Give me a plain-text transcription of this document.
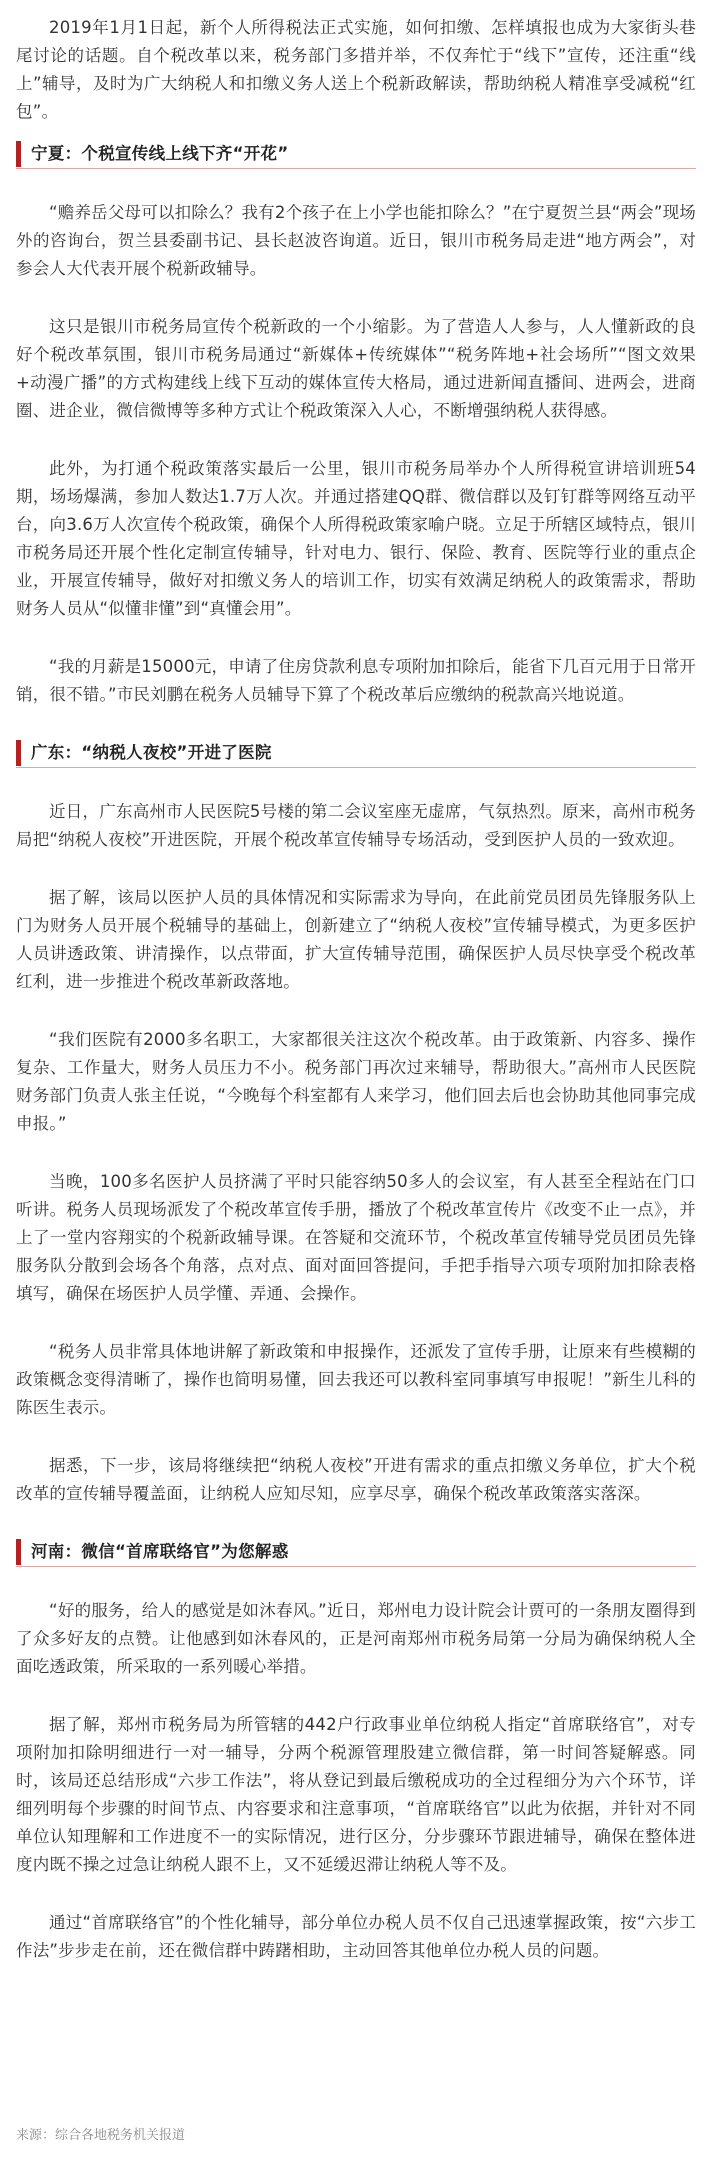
2019年1月1日起，新个人所得税法正式实施，如何扣缴、怎样填报也成为大家街头巷尾讨论的话题。自个税改革以来，税务部门多措并举，不仅奔忙于“线下”宣传，还注重“线上”辅导，及时为广大纳税人和扣缴义务人送上个税新政解读，帮助纳税人精准享受减税“红包”。

宁夏：个税宣传线上线下齐“开花”

“赡养岳父母可以扣除么？我有2个孩子在上小学也能扣除么？”在宁夏贺兰县“两会”现场外的咨询台，贺兰县委副书记、县长赵波咨询道。近日，银川市税务局走进“地方两会”，对参会人大代表开展个税新政辅导。

这只是银川市税务局宣传个税新政的一个小缩影。为了营造人人参与，人人懂新政的良好个税改革氛围，银川市税务局通过“新媒体+传统媒体”“税务阵地+社会场所”“图文效果+动漫广播”的方式构建线上线下互动的媒体宣传大格局，通过进新闻直播间、进两会，进商圈、进企业，微信微博等多种方式让个税政策深入人心，不断增强纳税人获得感。

此外，为打通个税政策落实最后一公里，银川市税务局举办个人所得税宣讲培训班54期，场场爆满，参加人数达1.7万人次。并通过搭建QQ群、微信群以及钉钉群等网络互动平台，向3.6万人次宣传个税政策，确保个人所得税政策家喻户晓。立足于所辖区域特点，银川市税务局还开展个性化定制宣传辅导，针对电力、银行、保险、教育、医院等行业的重点企业，开展宣传辅导，做好对扣缴义务人的培训工作，切实有效满足纳税人的政策需求，帮助财务人员从“似懂非懂”到“真懂会用”。

“我的月薪是15000元，申请了住房贷款利息专项附加扣除后，能省下几百元用于日常开销，很不错。”市民刘鹏在税务人员辅导下算了个税改革后应缴纳的税款高兴地说道。

广东：“纳税人夜校”开进了医院

近日，广东高州市人民医院5号楼的第二会议室座无虚席，气氛热烈。原来，高州市税务局把“纳税人夜校”开进医院，开展个税改革宣传辅导专场活动，受到医护人员的一致欢迎。

据了解，该局以医护人员的具体情况和实际需求为导向，在此前党员团员先锋服务队上门为财务人员开展个税辅导的基础上，创新建立了“纳税人夜校”宣传辅导模式，为更多医护人员讲透政策、讲清操作，以点带面，扩大宣传辅导范围，确保医护人员尽快享受个税改革红利，进一步推进个税改革新政落地。

“我们医院有2000多名职工，大家都很关注这次个税改革。由于政策新、内容多、操作复杂、工作量大，财务人员压力不小。税务部门再次过来辅导，帮助很大。”高州市人民医院财务部门负责人张主任说，“今晚每个科室都有人来学习，他们回去后也会协助其他同事完成申报。”

当晚，100多名医护人员挤满了平时只能容纳50多人的会议室，有人甚至全程站在门口听讲。税务人员现场派发了个税改革宣传手册，播放了个税改革宣传片《改变不止一点》，并上了一堂内容翔实的个税新政辅导课。在答疑和交流环节，个税改革宣传辅导党员团员先锋服务队分散到会场各个角落，点对点、面对面回答提问，手把手指导六项专项附加扣除表格填写，确保在场医护人员学懂、弄通、会操作。

“税务人员非常具体地讲解了新政策和申报操作，还派发了宣传手册，让原来有些模糊的政策概念变得清晰了，操作也简明易懂，回去我还可以教科室同事填写申报呢！”新生儿科的陈医生表示。

据悉，下一步，该局将继续把“纳税人夜校”开进有需求的重点扣缴义务单位，扩大个税改革的宣传辅导覆盖面，让纳税人应知尽知，应享尽享，确保个税改革政策落实落深。

河南：微信“首席联络官”为您解惑

“好的服务，给人的感觉是如沐春风。”近日，郑州电力设计院会计贾可的一条朋友圈得到了众多好友的点赞。让他感到如沐春风的，正是河南郑州市税务局第一分局为确保纳税人全面吃透政策，所采取的一系列暖心举措。

据了解，郑州市税务局为所管辖的442户行政事业单位纳税人指定“首席联络官”，对专项附加扣除明细进行一对一辅导，分两个税源管理股建立微信群，第一时间答疑解惑。同时，该局还总结形成“六步工作法”，将从登记到最后缴税成功的全过程细分为六个环节，详细列明每个步骤的时间节点、内容要求和注意事项，“首席联络官”以此为依据，并针对不同单位认知理解和工作进度不一的实际情况，进行区分，分步骤环节跟进辅导，确保在整体进度内既不操之过急让纳税人跟不上，又不延缓迟滞让纳税人等不及。

通过“首席联络官”的个性化辅导，部分单位办税人员不仅自己迅速掌握政策，按“六步工作法”步步走在前，还在微信群中踌躇相助，主动回答其他单位办税人员的问题。

来源：综合各地税务机关报道
